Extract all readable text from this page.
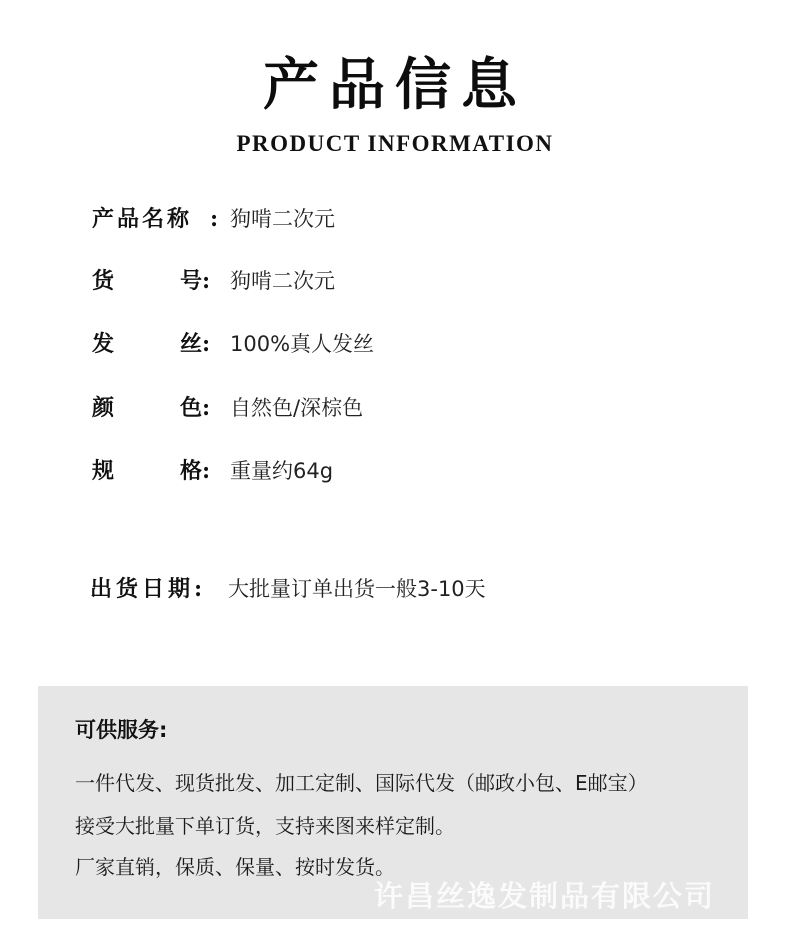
产品信息
PRODUCT INFORMATION
产品名称 : 狗啃二次元
货	号: 狗啃二次元
发	丝: 100%真人发丝
颜	色: 自然色/深棕色
规	格: 重量约64g
出货日期: 大批量订单出货一般3-10天
可供服务:
一件代发、现货批发、加工定制、国际代发（邮政小包、E邮宝）
接受大批量下单订货，支持来图来样定制。
厂家直销，保质、保量、按时发货。
许昌丝逸发制品有限公司
